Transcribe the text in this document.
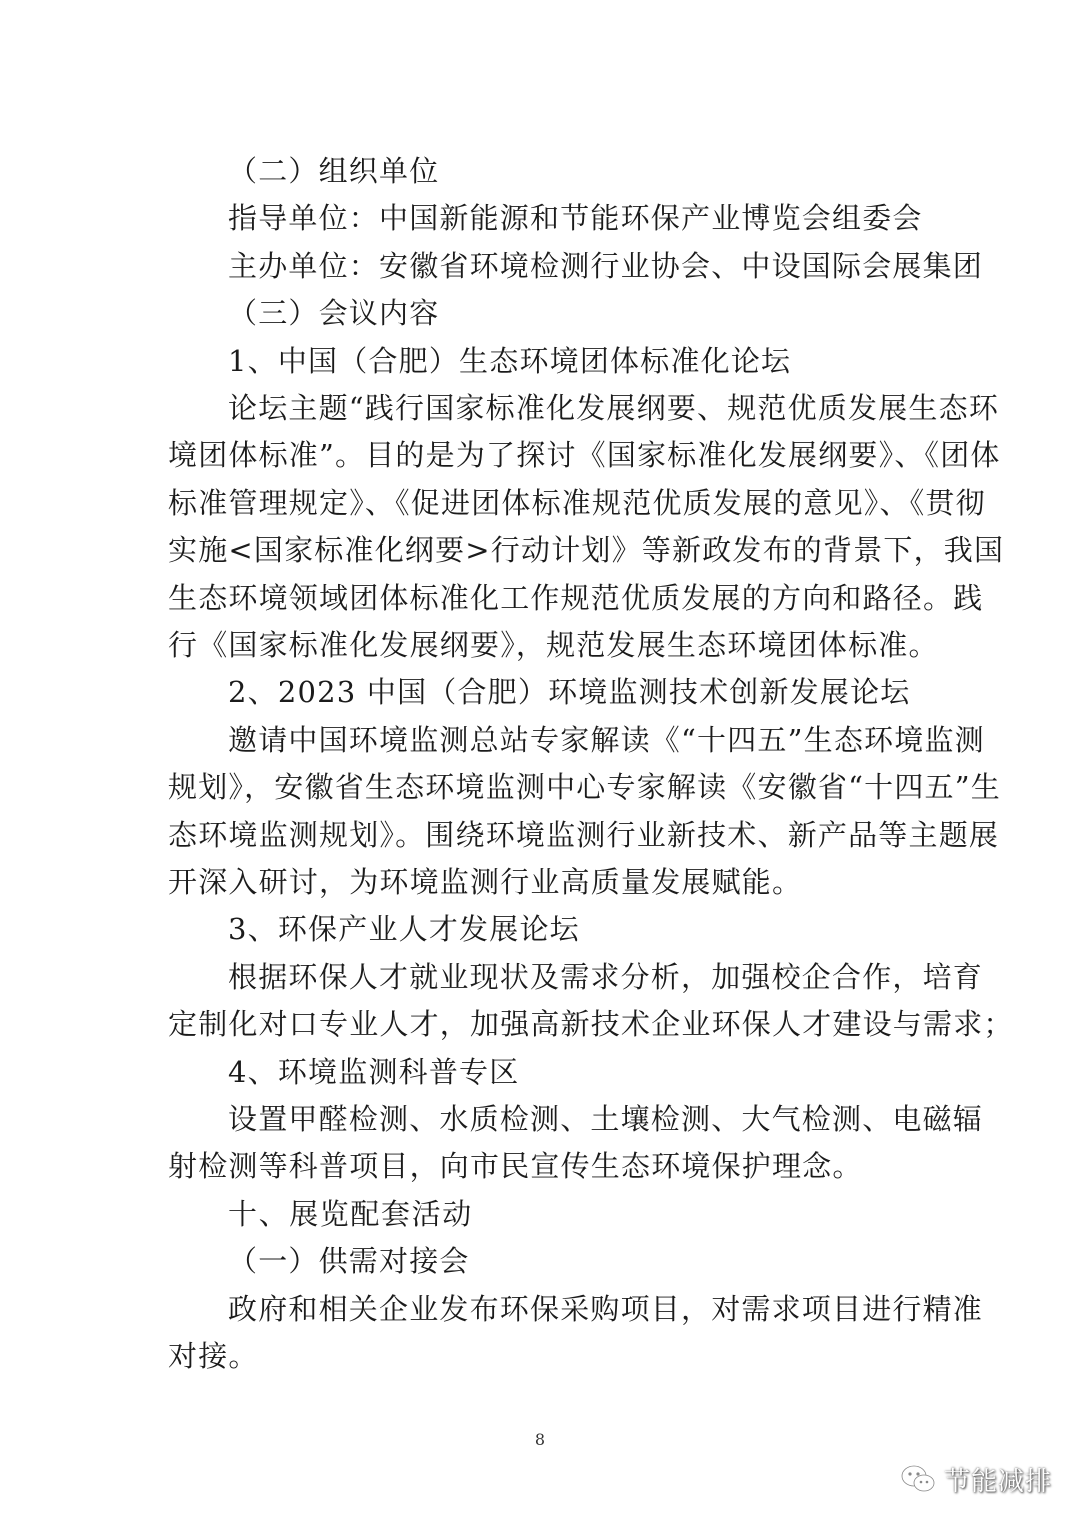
（二）组织单位
指导单位：中国新能源和节能环保产业博览会组委会
主办单位：安徽省环境检测行业协会、中设国际会展集团
（三）会议内容
1、中国（合肥）生态环境团体标准化论坛
论坛主题“践行国家标准化发展纲要、规范优质发展生态环
境团体标准”。目的是为了探讨《国家标准化发展纲要》、《团体
标准管理规定》、《促进团体标准规范优质发展的意见》、《贯彻
实施<国家标准化纲要>行动计划》等新政发布的背景下，我国
生态环境领域团体标准化工作规范优质发展的方向和路径。践
行《国家标准化发展纲要》，规范发展生态环境团体标准。
2、2023 中国（合肥）环境监测技术创新发展论坛
邀请中国环境监测总站专家解读《“十四五”生态环境监测
规划》，安徽省生态环境监测中心专家解读《安徽省“十四五”生
态环境监测规划》。围绕环境监测行业新技术、新产品等主题展
开深入研讨，为环境监测行业高质量发展赋能。
3、环保产业人才发展论坛
根据环保人才就业现状及需求分析，加强校企合作，培育
定制化对口专业人才，加强高新技术企业环保人才建设与需求；
4、环境监测科普专区
设置甲醛检测、水质检测、土壤检测、大气检测、电磁辐
射检测等科普项目，向市民宣传生态环境保护理念。
十、展览配套活动
（一）供需对接会
政府和相关企业发布环保采购项目，对需求项目进行精准
对接。
8
节能减排
